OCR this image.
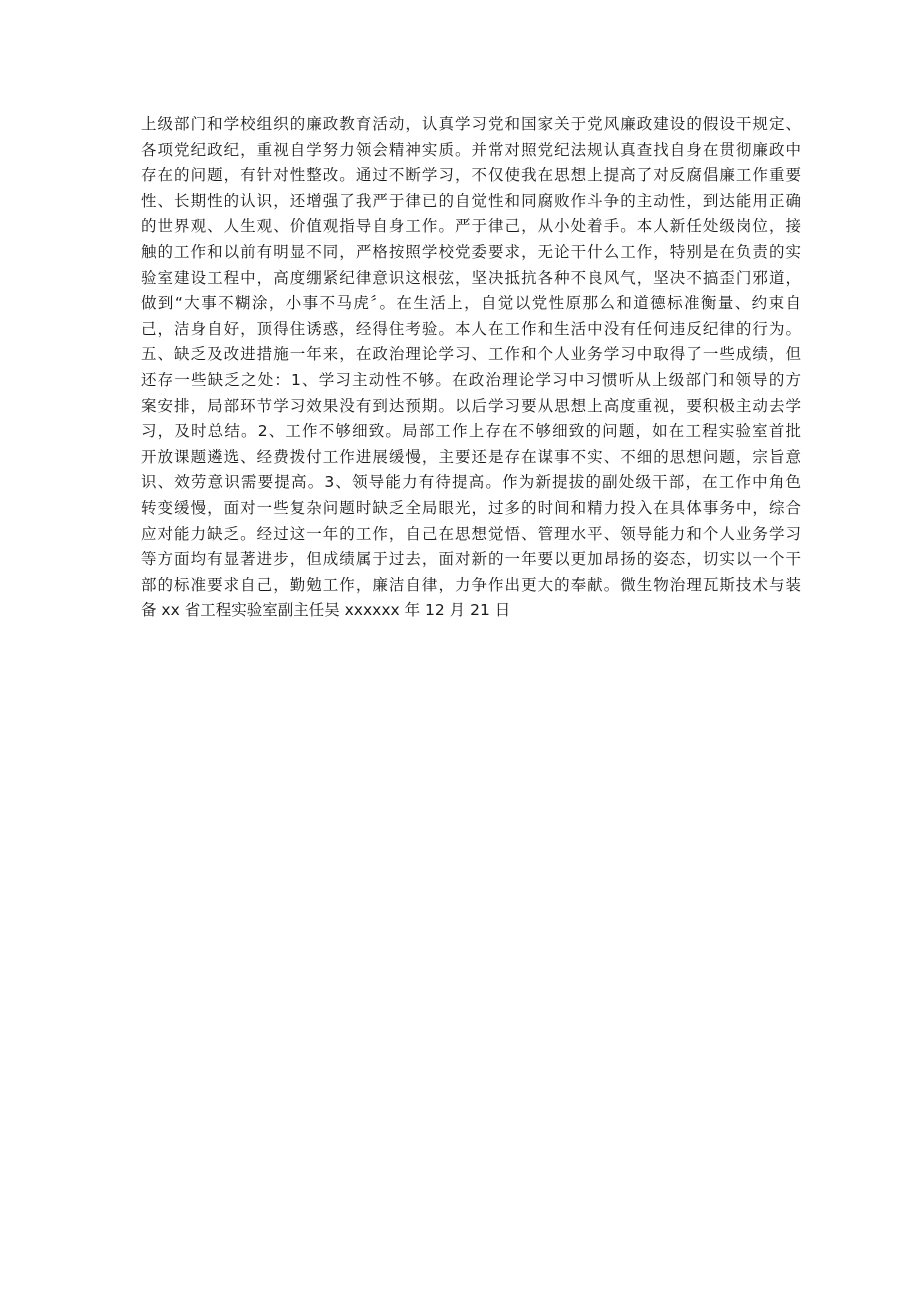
上级部门和学校组织的廉政教育活动，认真学习党和国家关于党风廉政建设的假设干规定、
各项党纪政纪，重视自学努力领会精神实质。并常对照党纪法规认真查找自身在贯彻廉政中
存在的问题，有针对性整改。通过不断学习，不仅使我在思想上提高了对反腐倡廉工作重要
性、长期性的认识，还增强了我严于律已的自觉性和同腐败作斗争的主动性，到达能用正确
的世界观、人生观、价值观指导自身工作。严于律己，从小处着手。本人新任处级岗位，接
触的工作和以前有明显不同，严格按照学校党委要求，无论干什么工作，特别是在负责的实
验室建设工程中，高度绷紧纪律意识这根弦，坚决抵抗各种不良风气，坚决不搞歪门邪道，
做到“大事不糊涂，小事不马虎〞。在生活上，自觉以党性原那么和道德标准衡量、约束自
己，洁身自好，顶得住诱惑，经得住考验。本人在工作和生活中没有任何违反纪律的行为。
五、缺乏及改进措施一年来，在政治理论学习、工作和个人业务学习中取得了一些成绩，但
还存一些缺乏之处：1、学习主动性不够。在政治理论学习中习惯听从上级部门和领导的方
案安排，局部环节学习效果没有到达预期。以后学习要从思想上高度重视，要积极主动去学
习，及时总结。2、工作不够细致。局部工作上存在不够细致的问题，如在工程实验室首批
开放课题遴选、经费拨付工作进展缓慢，主要还是存在谋事不实、不细的思想问题，宗旨意
识、效劳意识需要提高。3、领导能力有待提高。作为新提拔的副处级干部，在工作中角色
转变缓慢，面对一些复杂问题时缺乏全局眼光，过多的时间和精力投入在具体事务中，综合
应对能力缺乏。经过这一年的工作，自己在思想觉悟、管理水平、领导能力和个人业务学习
等方面均有显著进步，但成绩属于过去，面对新的一年要以更加昂扬的姿态，切实以一个干
部的标准要求自己，勤勉工作，廉洁自律，力争作出更大的奉献。微生物治理瓦斯技术与装
备 xx 省工程实验室副主任吴 xxxxxx 年 12 月 21 日
